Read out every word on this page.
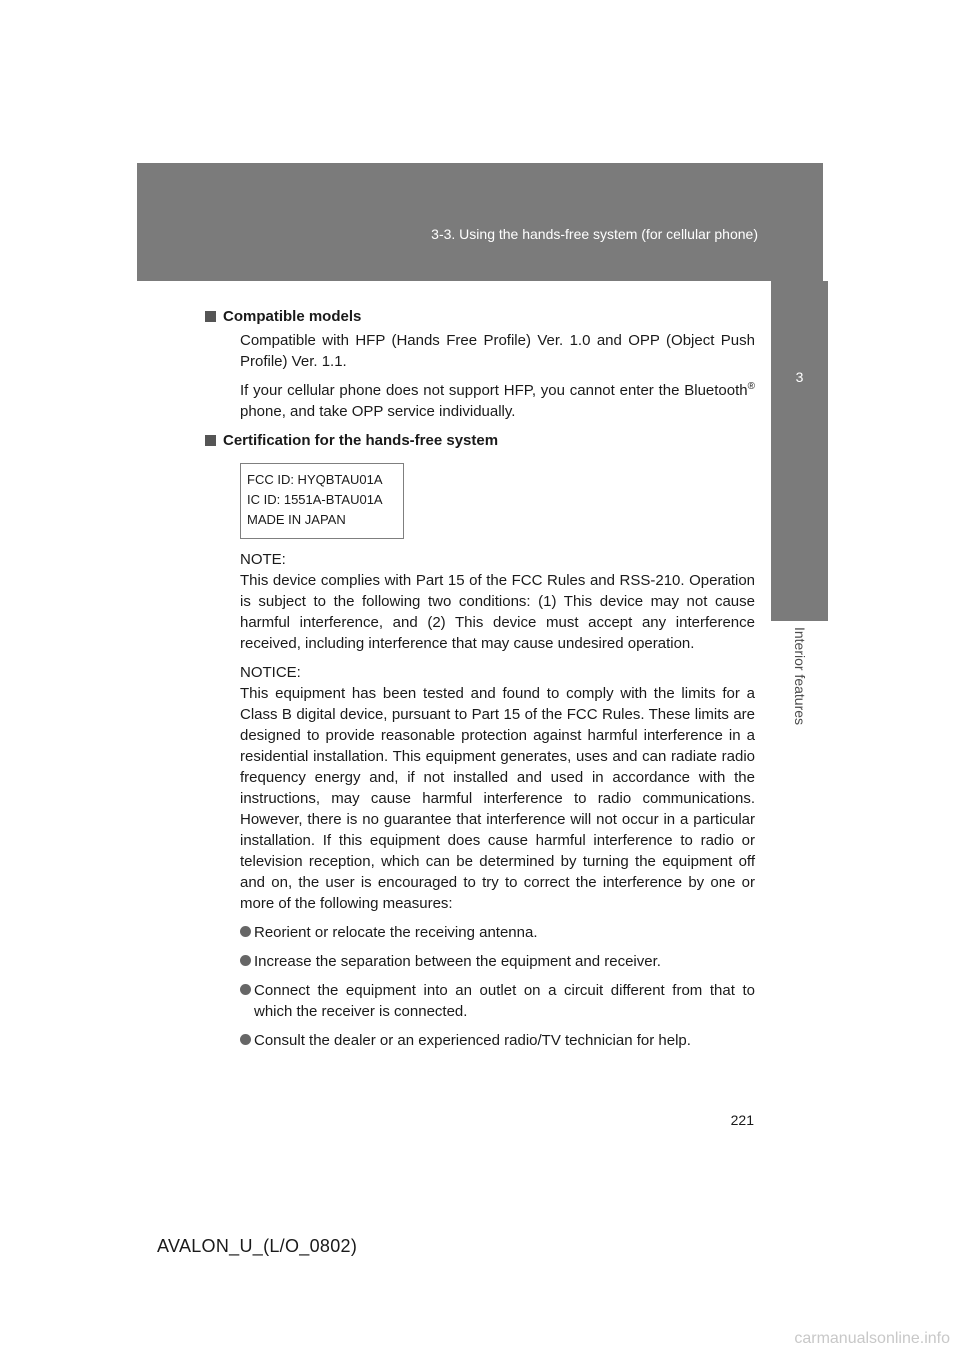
3-3. Using the hands-free system (for cellular phone)
3
Interior features
Compatible models

Compatible with HFP (Hands Free Profile) Ver. 1.0 and OPP (Object Push Profile) Ver. 1.1.

If your cellular phone does not support HFP, you cannot enter the Bluetooth® phone, and take OPP service individually.

Certification for the hands-free system
FCC ID: HYQBTAU01A
IC ID: 1551A-BTAU01A
MADE IN JAPAN

NOTE:
This device complies with Part 15 of the FCC Rules and RSS-210. Operation is subject to the following two conditions: (1) This device may not cause harmful interference, and (2) This device must accept any interference received, including interference that may cause undesired operation.

NOTICE:
This equipment has been tested and found to comply with the limits for a Class B digital device, pursuant to Part 15 of the FCC Rules. These limits are designed to provide reasonable protection against harmful interference in a residential installation. This equipment generates, uses and can radiate radio frequency energy and, if not installed and used in accordance with the instructions, may cause harmful interference to radio communications. However, there is no guarantee that interference will not occur in a particular installation. If this equipment does cause harmful interference to radio or television reception, which can be determined by turning the equipment off and on, the user is encouraged to try to correct the interference by one or more of the following measures:

Reorient or relocate the receiving antenna.
Increase the separation between the equipment and receiver.
Connect the equipment into an outlet on a circuit different from that to which the receiver is connected.
Consult the dealer or an experienced radio/TV technician for help.
221
AVALON_U_(L/O_0802)
carmanualsonline.info
